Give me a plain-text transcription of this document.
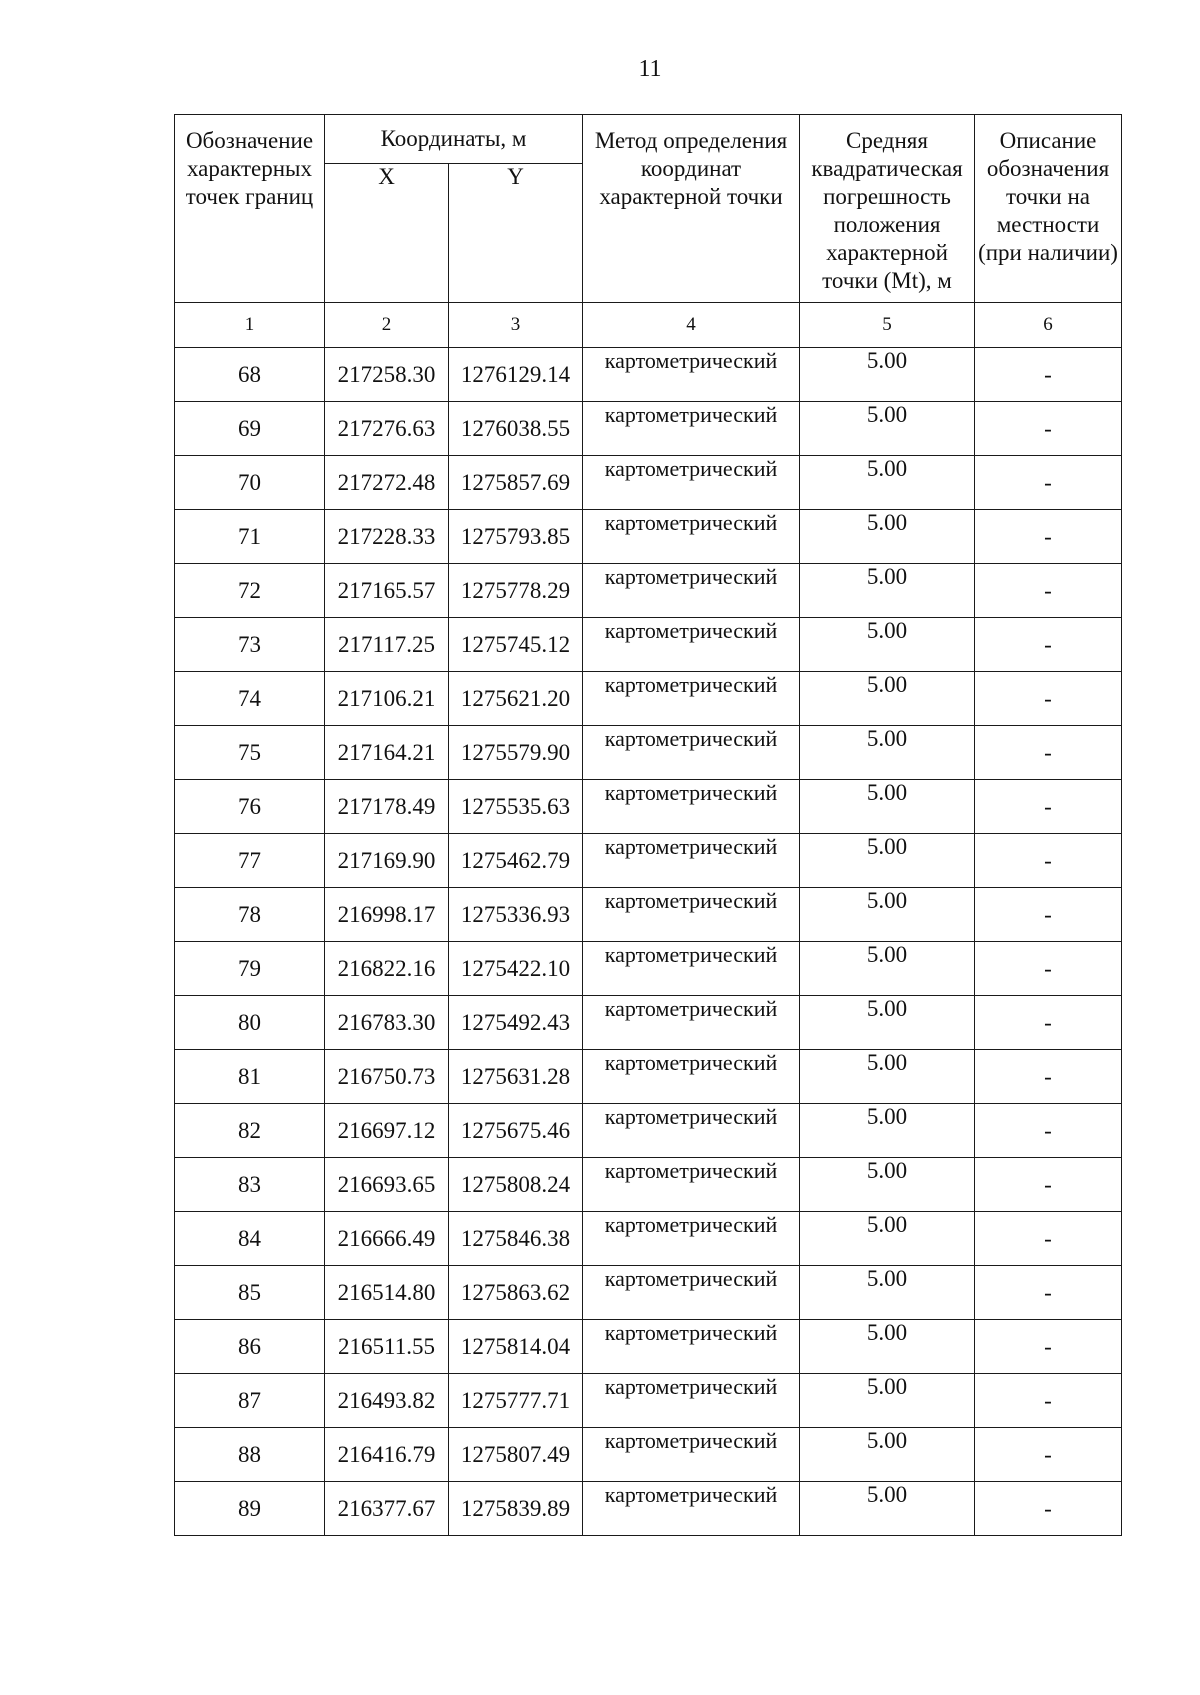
11
Обозначение характерных точек границ	Координаты, м		Метод определения координат характерной точки	Средняя квадратическая погрешность положения характерной точки (Mt), м	Описание обозначения точки на местности (при наличии)
	X	Y			
1	2	3	4	5	6
68	217258.30	1276129.14	картометрический	5.00	-
69	217276.63	1276038.55	картометрический	5.00	-
70	217272.48	1275857.69	картометрический	5.00	-
71	217228.33	1275793.85	картометрический	5.00	-
72	217165.57	1275778.29	картометрический	5.00	-
73	217117.25	1275745.12	картометрический	5.00	-
74	217106.21	1275621.20	картометрический	5.00	-
75	217164.21	1275579.90	картометрический	5.00	-
76	217178.49	1275535.63	картометрический	5.00	-
77	217169.90	1275462.79	картометрический	5.00	-
78	216998.17	1275336.93	картометрический	5.00	-
79	216822.16	1275422.10	картометрический	5.00	-
80	216783.30	1275492.43	картометрический	5.00	-
81	216750.73	1275631.28	картометрический	5.00	-
82	216697.12	1275675.46	картометрический	5.00	-
83	216693.65	1275808.24	картометрический	5.00	-
84	216666.49	1275846.38	картометрический	5.00	-
85	216514.80	1275863.62	картометрический	5.00	-
86	216511.55	1275814.04	картометрический	5.00	-
87	216493.82	1275777.71	картометрический	5.00	-
88	216416.79	1275807.49	картометрический	5.00	-
89	216377.67	1275839.89	картометрический	5.00	-
